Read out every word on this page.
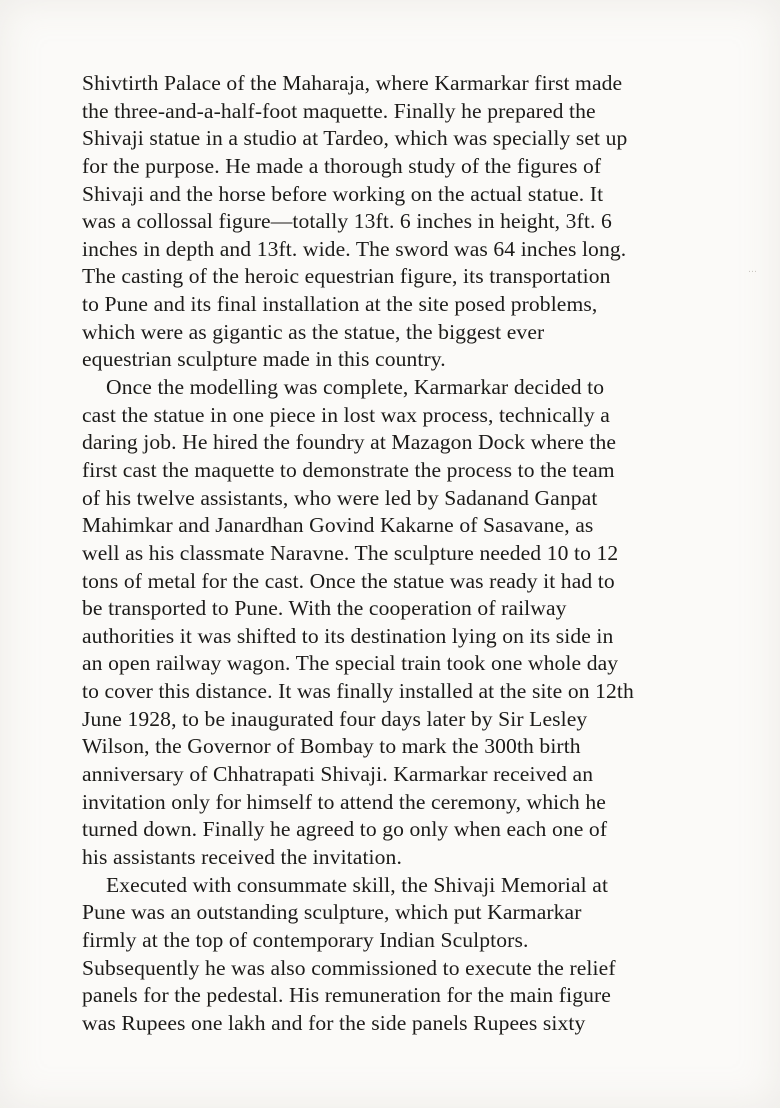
Shivtirth Palace of the Maharaja, where Karmarkar first made
the three-and-a-half-foot maquette. Finally he prepared the
Shivaji statue in a studio at Tardeo, which was specially set up
for the purpose. He made a thorough study of the figures of
Shivaji and the horse before working on the actual statue. It
was a collossal figure—totally 13ft. 6 inches in height, 3ft. 6
inches in depth and 13ft. wide. The sword was 64 inches long.
The casting of the heroic equestrian figure, its transportation
to Pune and its final installation at the site posed problems,
which were as gigantic as the statue, the biggest ever
equestrian sculpture made in this country.
Once the modelling was complete, Karmarkar decided to
cast the statue in one piece in lost wax process, technically a
daring job. He hired the foundry at Mazagon Dock where the
first cast the maquette to demonstrate the process to the team
of his twelve assistants, who were led by Sadanand Ganpat
Mahimkar and Janardhan Govind Kakarne of Sasavane, as
well as his classmate Naravne. The sculpture needed 10 to 12
tons of metal for the cast. Once the statue was ready it had to
be transported to Pune. With the cooperation of railway
authorities it was shifted to its destination lying on its side in
an open railway wagon. The special train took one whole day
to cover this distance. It was finally installed at the site on 12th
June 1928, to be inaugurated four days later by Sir Lesley
Wilson, the Governor of Bombay to mark the 300th birth
anniversary of Chhatrapati Shivaji. Karmarkar received an
invitation only for himself to attend the ceremony, which he
turned down. Finally he agreed to go only when each one of
his assistants received the invitation.
Executed with consummate skill, the Shivaji Memorial at
Pune was an outstanding sculpture, which put Karmarkar
firmly at the top of contemporary Indian Sculptors.
Subsequently he was also commissioned to execute the relief
panels for the pedestal. His remuneration for the main figure
was Rupees one lakh and for the side panels Rupees sixty
…
